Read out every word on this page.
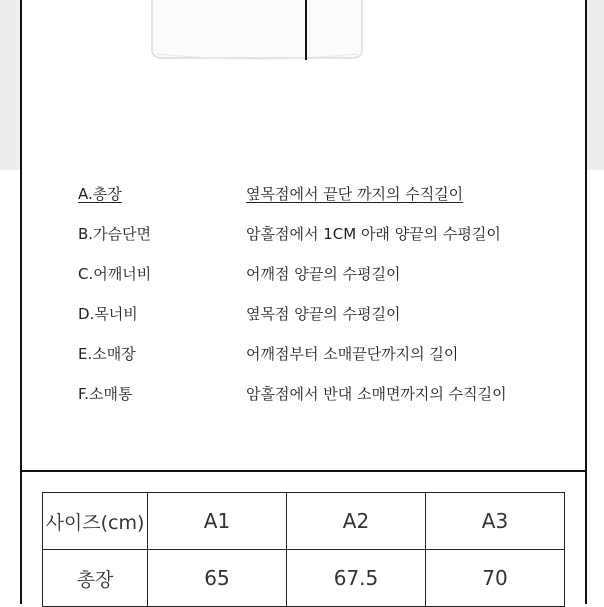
A.총장	옆목점에서 끝단 까지의 수직길이
B.가슴단면	암홀점에서 1CM 아래 양끝의 수평길이
C.어깨너비	어깨점 양끝의 수평길이
D.목너비	옆목점 양끝의 수평길이
E.소매장	어깨점부터 소매끝단까지의 길이
F.소매통	암홀점에서 반대 소매면까지의 수직길이
사이즈(cm)	A1	A2	A3
총장	65	67.5	70
